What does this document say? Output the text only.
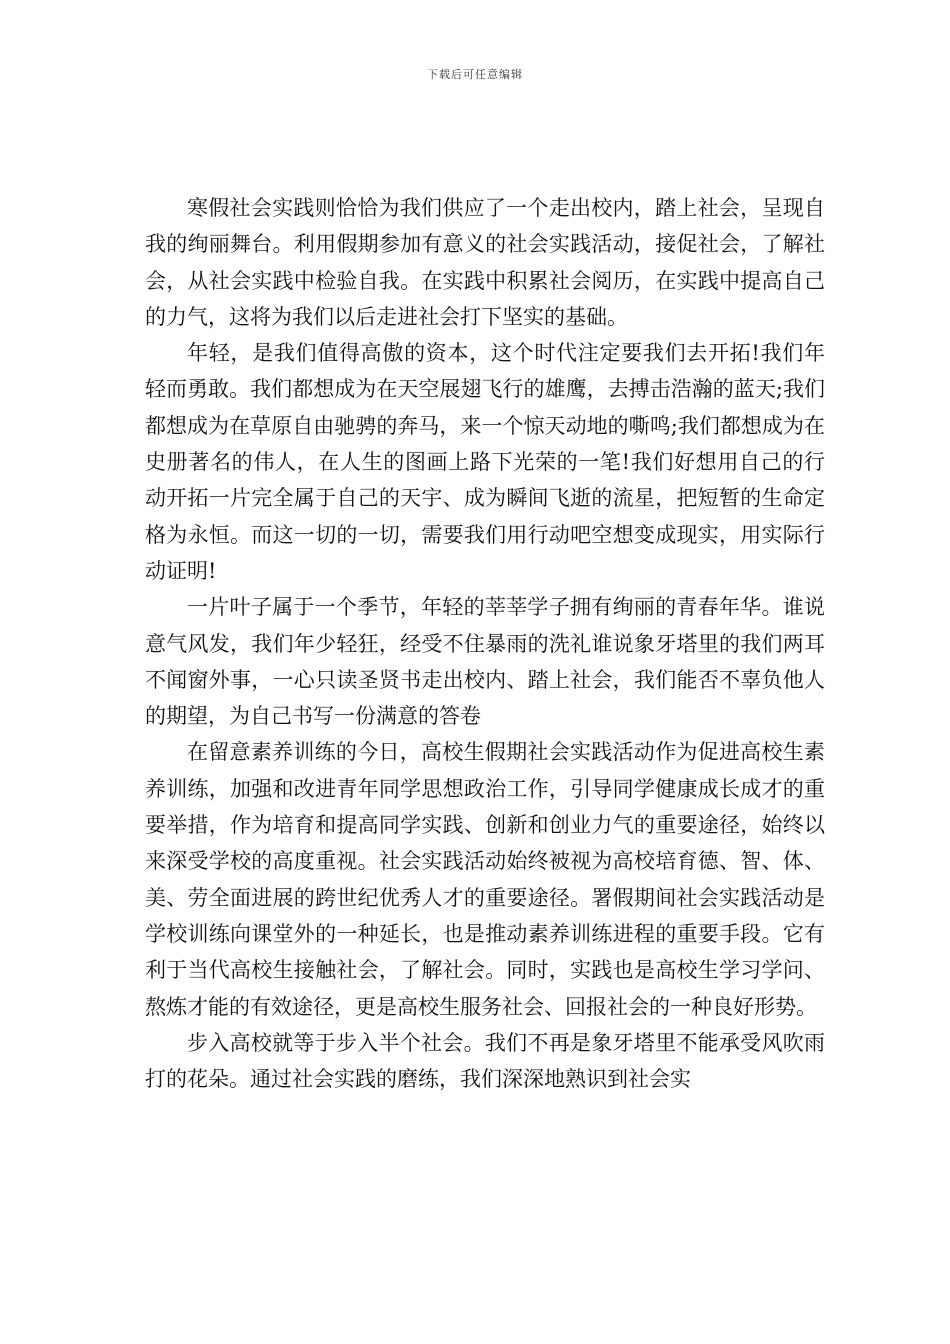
下载后可任意编辑

寒假社会实践则恰恰为我们供应了一个走出校内，踏上社会，呈现自我的绚丽舞台。利用假期参加有意义的社会实践活动，接促社会，了解社会，从社会实践中检验自我。在实践中积累社会阅历，在实践中提高自己的力气，这将为我们以后走进社会打下坚实的基础。

年轻，是我们值得高傲的资本，这个时代注定要我们去开拓!我们年轻而勇敢。我们都想成为在天空展翅飞行的雄鹰，去搏击浩瀚的蓝天;我们都想成为在草原自由驰骋的奔马，来一个惊天动地的嘶鸣;我们都想成为在史册著名的伟人，在人生的图画上路下光荣的一笔!我们好想用自己的行动开拓一片完全属于自己的天宇、成为瞬间飞逝的流星，把短暂的生命定格为永恒。而这一切的一切，需要我们用行动吧空想变成现实，用实际行动证明!

一片叶子属于一个季节，年轻的莘莘学子拥有绚丽的青春年华。谁说意气风发，我们年少轻狂，经受不住暴雨的洗礼谁说象牙塔里的我们两耳不闻窗外事，一心只读圣贤书走出校内、踏上社会，我们能否不辜负他人的期望，为自己书写一份满意的答卷

在留意素养训练的今日，高校生假期社会实践活动作为促进高校生素养训练，加强和改进青年同学思想政治工作，引导同学健康成长成才的重要举措，作为培育和提高同学实践、创新和创业力气的重要途径，始终以来深受学校的高度重视。社会实践活动始终被视为高校培育德、智、体、美、劳全面进展的跨世纪优秀人才的重要途径。署假期间社会实践活动是学校训练向课堂外的一种延长，也是推动素养训练进程的重要手段。它有利于当代高校生接触社会，了解社会。同时，实践也是高校生学习学问、熬炼才能的有效途径，更是高校生服务社会、回报社会的一种良好形势。

步入高校就等于步入半个社会。我们不再是象牙塔里不能承受风吹雨打的花朵。通过社会实践的磨练，我们深深地熟识到社会实
